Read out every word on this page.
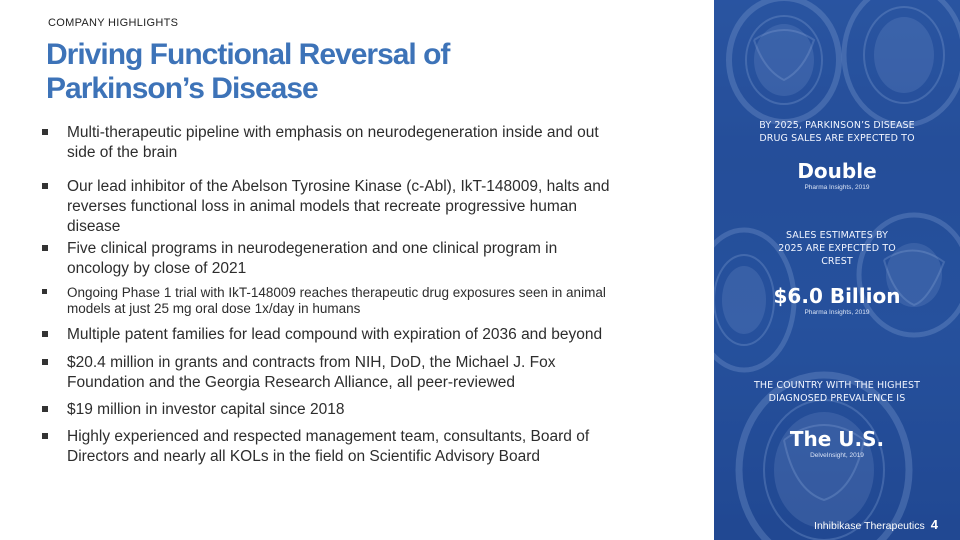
COMPANY HIGHLIGHTS
Driving Functional Reversal of
Parkinson’s Disease
Multi-therapeutic pipeline with emphasis on neurodegeneration inside and out side of the brain
Our lead inhibitor of the Abelson Tyrosine Kinase (c-Abl), IkT-148009, halts and reverses functional loss in animal models that recreate progressive human disease
Five clinical programs in neurodegeneration and one clinical program in oncology by close of 2021
Ongoing Phase 1 trial with IkT-148009 reaches therapeutic drug exposures seen in animal models at just 25 mg oral dose 1x/day in humans
Multiple patent families for lead compound with expiration of 2036 and beyond
$20.4 million in grants and contracts from NIH, DoD, the Michael J. Fox Foundation and the Georgia Research Alliance, all peer-reviewed
$19 million in investor capital since 2018
Highly experienced and respected management team, consultants, Board of Directors and nearly all KOLs in the field on Scientific Advisory Board
BY 2025, PARKINSON’S DISEASE DRUG SALES ARE EXPECTED TO
Double
Pharma Insights, 2019
SALES ESTIMATES BY 2025 ARE EXPECTED TO CREST
$6.0 Billion
Pharma Insights, 2019
THE COUNTRY WITH THE HIGHEST DIAGNOSED PREVALENCE IS
The U.S.
DelveInsight, 2019
Inhibikase Therapeutics 4
